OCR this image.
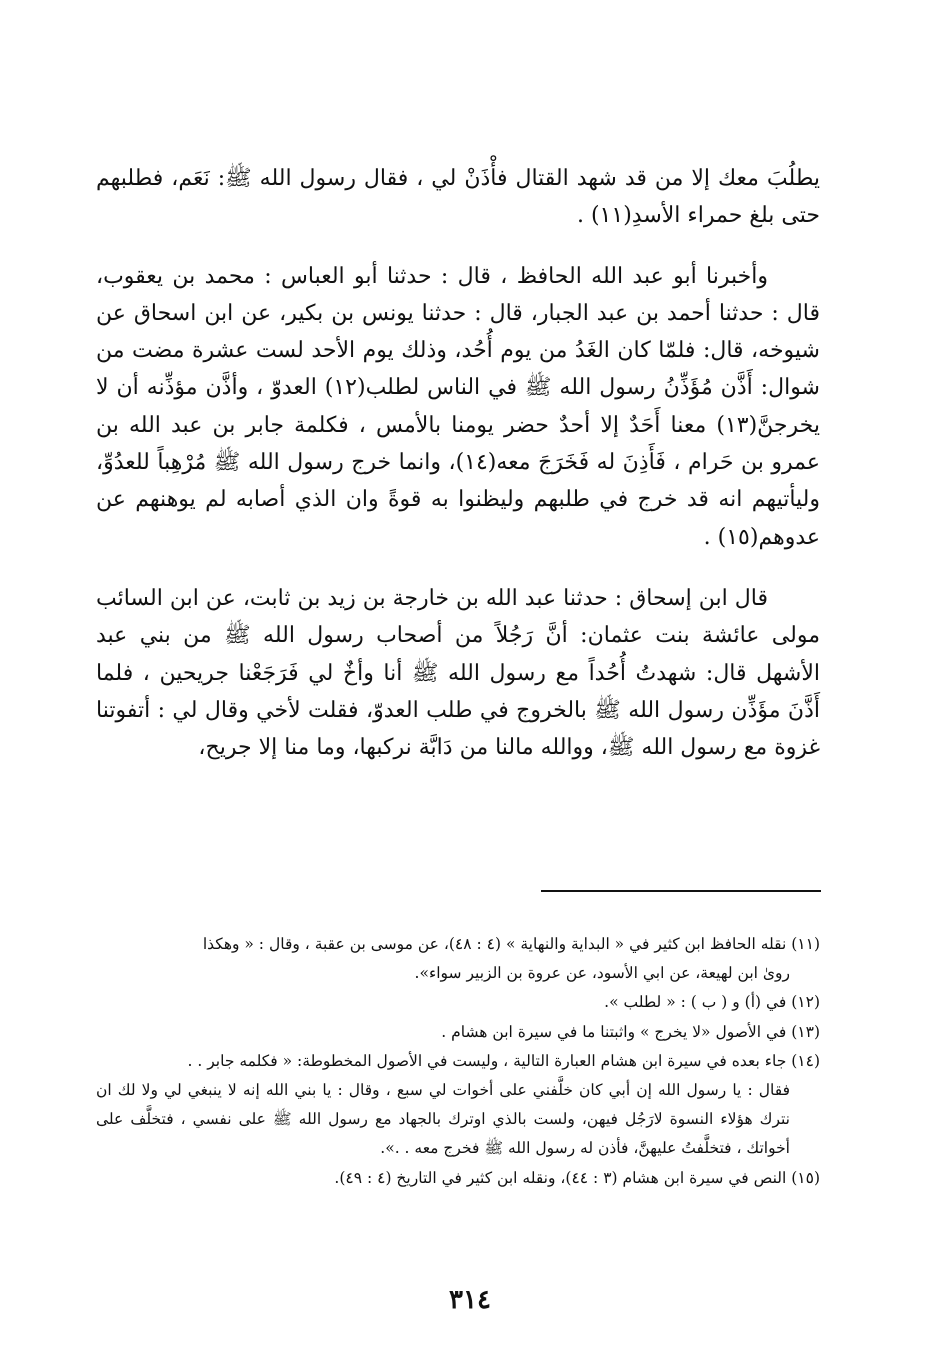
يطلُبَ معك إلا من قد شهد القتال فأْذَنْ لي ، فقال رسول الله ﷺ: نَعَم، فطلبهم حتى بلغ حمراء الأسدِ(١١) .

وأخبرنا أبو عبد الله الحافظ ، قال : حدثنا أبو العباس : محمد بن يعقوب، قال : حدثنا أحمد بن عبد الجبار، قال : حدثنا يونس بن بكير، عن ابن اسحاق عن شيوخه، قال: فلمّا كان الغَدُ من يوم أُحُد، وذلك يوم الأحد لست عشرة مضت من شوال: أَذَّن مُؤَذِّنُ رسول الله ﷺ في الناس لطلب(١٢) العدوّ ، وأذَّن مؤذِّنه أن لا يخرجنَّ(١٣) معنا أَحَدٌ إلا أحدٌ حضر يومنا بالأمس ، فكلمة جابر بن عبد الله بن عمرو بن حَرام ، فَأَذِنَ له فَخَرَجَ معه(١٤)، وانما خرج رسول الله ﷺ مُرْهِباً للعدُوِّ، وليأتيهم انه قد خرج في طلبهم وليظنوا به قوةً وان الذي أصابه لم يوهنهم عن عدوهم(١٥) .

قال ابن إسحاق : حدثنا عبد الله بن خارجة بن زيد بن ثابت، عن ابن السائب مولى عائشة بنت عثمان: أنَّ رَجُلاً من أصحاب رسول الله ﷺ من بني عبد الأشهل قال: شهدتُ أُحُداً مع رسول الله ﷺ أنا وأخٌ لي فَرَجَعْنا جريحين ، فلما أَذَّنَ مؤَذِّن رسول الله ﷺ بالخروج في طلب العدوّ، فقلت لأخي وقال لي : أتفوتنا غزوة مع رسول الله ﷺ، ووالله مالنا من دَابَّة نركبها، وما منا إلا جريح،

(١١) نقله الحافظ ابن كثير في « البداية والنهاية » (٤ : ٤٨)، عن موسى بن عقبة ، وقال : « وهكذا

روىٰ ابن لهيعة، عن ابي الأسود، عن عروة بن الزبير سواء».

(١٢) في (أ) و ( ب ) : « لطلب ».

(١٣) في الأصول «لا يخرج » واثبتنا ما في سيرة ابن هشام .

(١٤) جاء بعده في سيرة ابن هشام العبارة التالية ، وليست في الأصول المخطوطة: « فكلمه جابر . .

فقال : يا رسول الله إن أبي كان خلَّفني على أخوات لي سبع ، وقال : يا بني الله إنه لا ينبغي لي ولا لك ان نترك هؤلاء النسوة لارَجُل فيهن، ولست بالذي اوترك بالجهاد مع رسول الله ﷺ على نفسي ، فتخلَّف على أخواتك ، فتخلَّفتُ عليهنَّ، فأذن له رسول الله ﷺ فخرج معه . .».

(١٥) النص في سيرة ابن هشام (٣ : ٤٤)، ونقله ابن كثير في التاريخ (٤ : ٤٩).

٣١٤
